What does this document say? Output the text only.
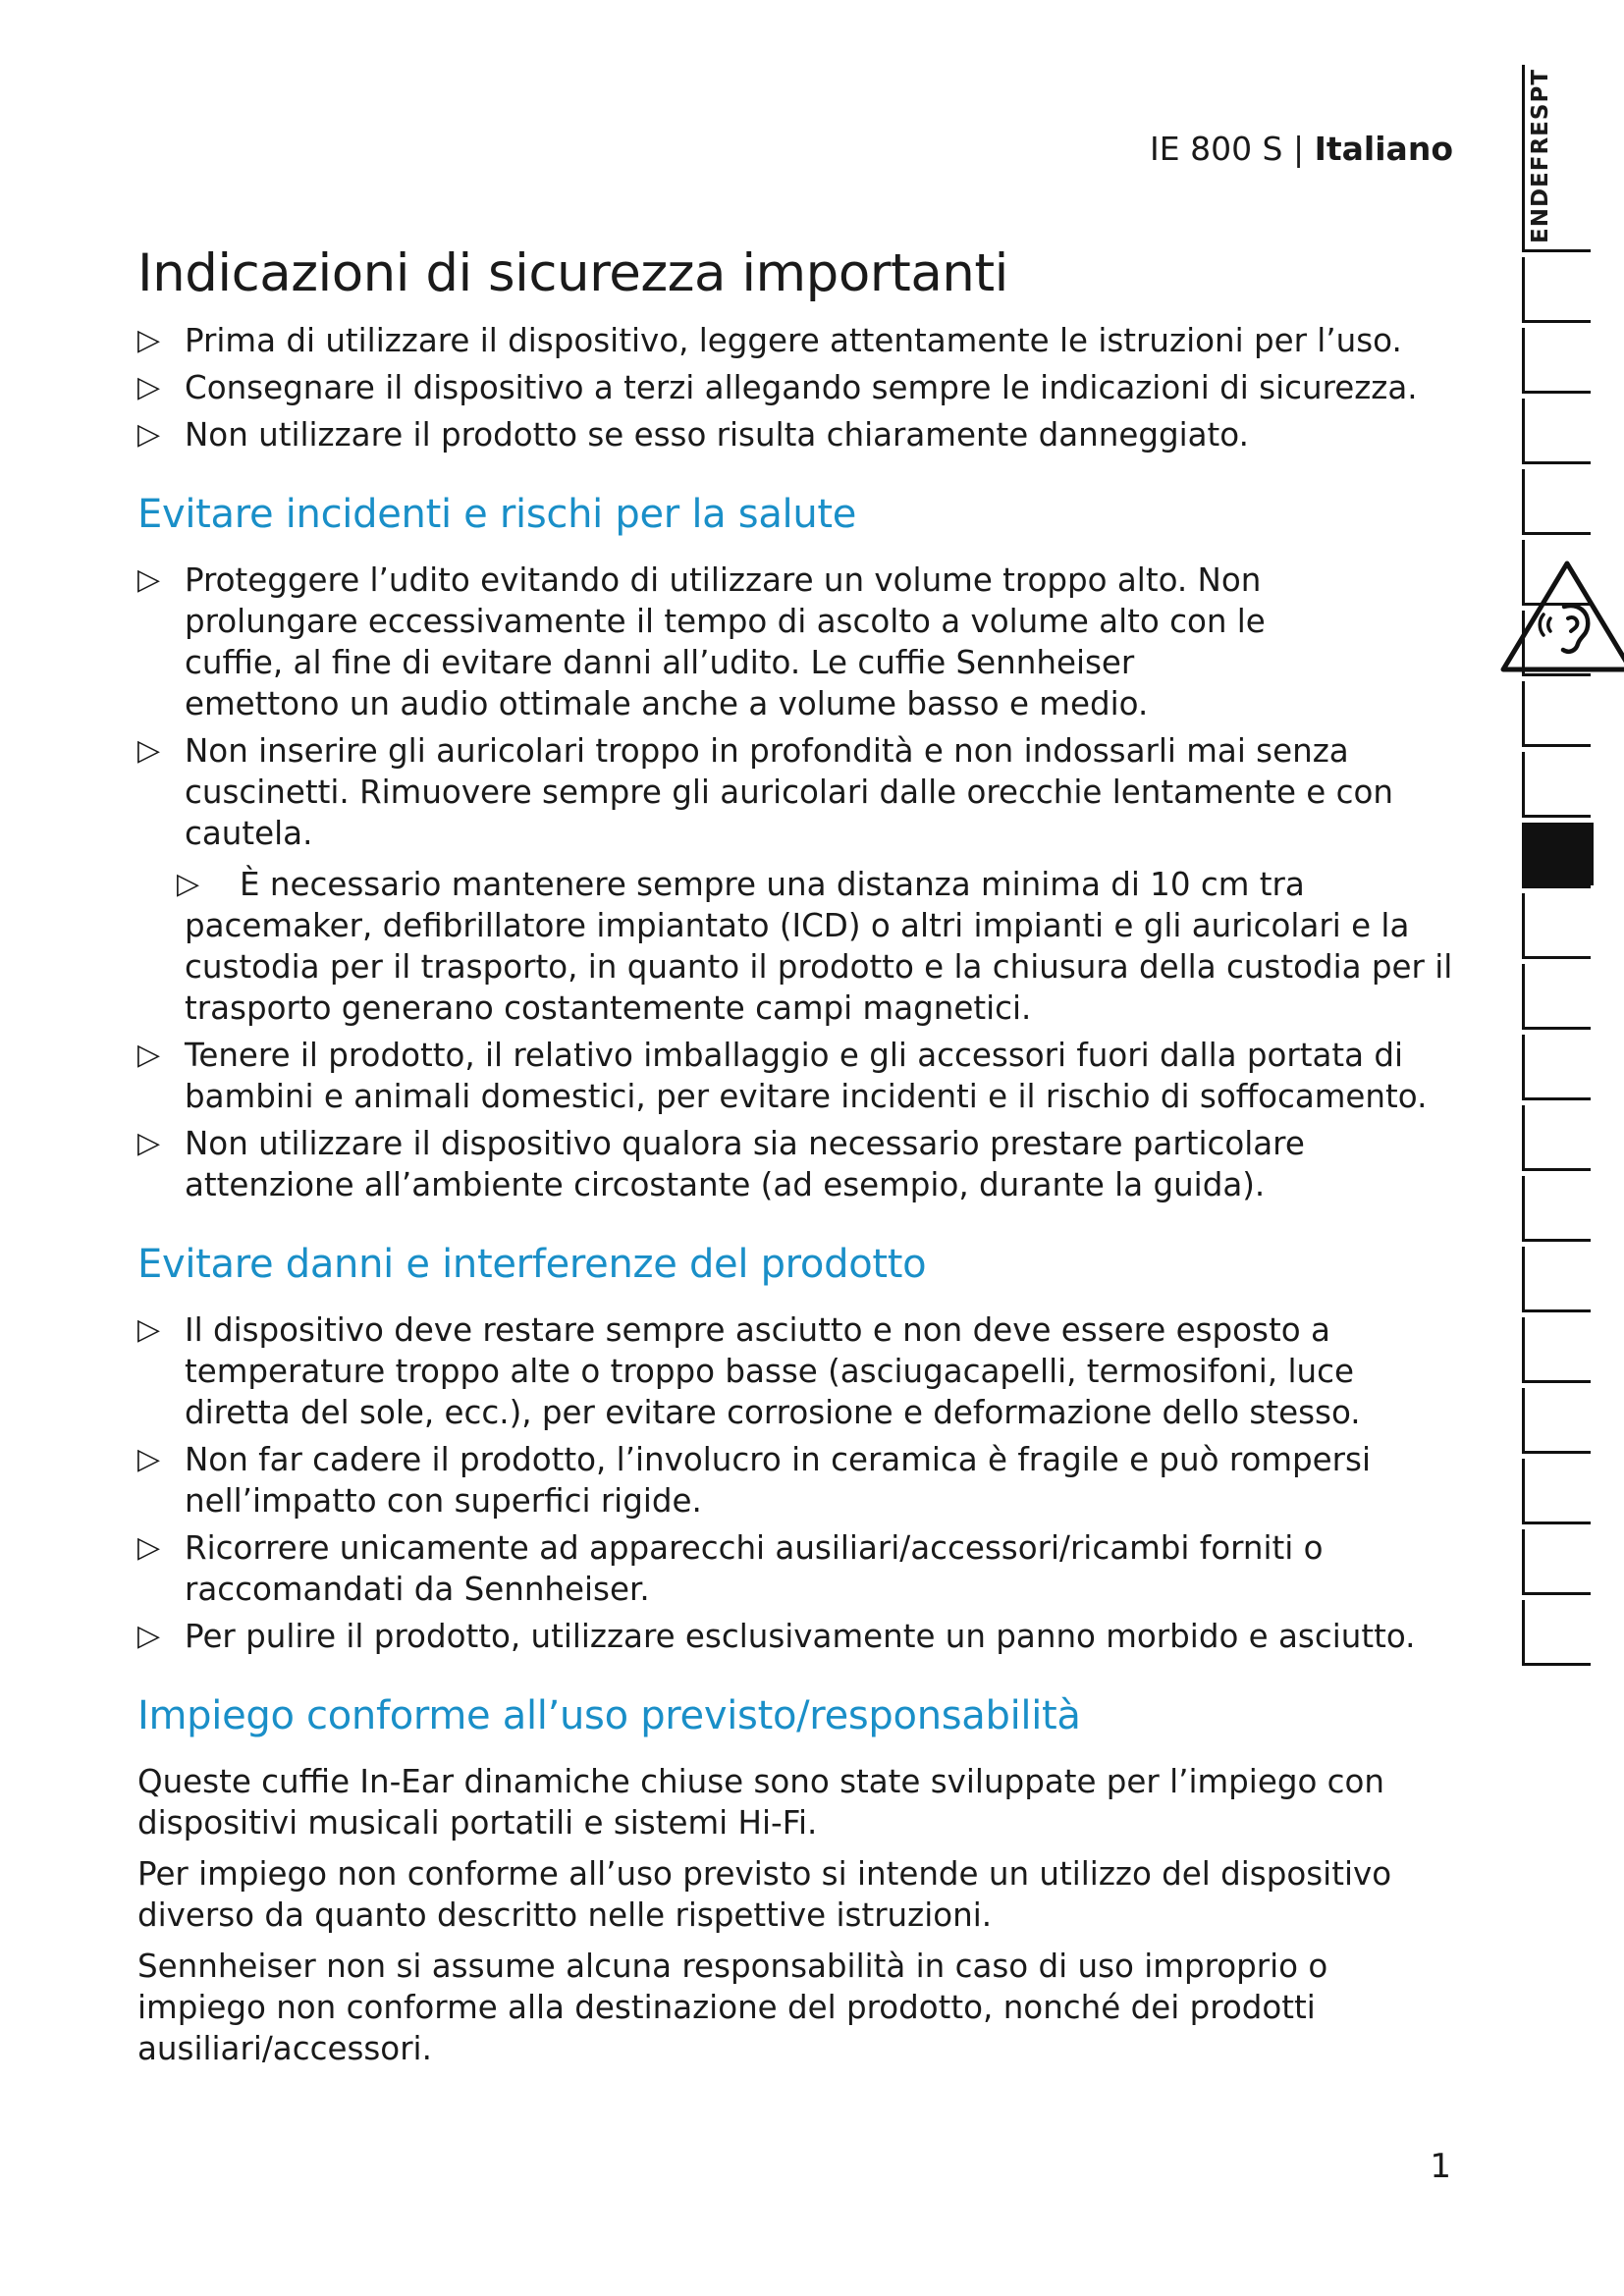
IE 800 S | Italiano
Indicazioni di sicurezza importanti
▷ Prima di utilizzare il dispositivo, leggere attentamente le istruzioni per l’uso.
▷ Consegnare il dispositivo a terzi allegando sempre le indicazioni di sicurezza.
▷ Non utilizzare il prodotto se esso risulta chiaramente danneggiato.
Evitare incidenti e rischi per la salute
▷ Proteggere l’udito evitando di utilizzare un volume troppo alto. Non prolungare eccessivamente il tempo di ascolto a volume alto con le cuffie, al fine di evitare danni all’udito. Le cuffie Sennheiser emettono un audio ottimale anche a volume basso e medio.
▷ Non inserire gli auricolari troppo in profondità e non indossarli mai senza cuscinetti. Rimuovere sempre gli auricolari dalle orecchie lentamente e con cautela.
▷	È necessario mantenere sempre una distanza minima di 10 cm tra pacemaker, defibrillatore impiantato (ICD) o altri impianti e gli auricolari e la custodia per il trasporto, in quanto il prodotto e la chiusura della custodia per il trasporto generano costantemente campi magnetici.
▷ Tenere il prodotto, il relativo imballaggio e gli accessori fuori dalla portata di bambini e animali domestici, per evitare incidenti e il rischio di soffocamento.
▷ Non utilizzare il dispositivo qualora sia necessario prestare particolare attenzione all’ambiente circostante (ad esempio, durante la guida).
Evitare danni e interferenze del prodotto
▷ Il dispositivo deve restare sempre asciutto e non deve essere esposto a temperature troppo alte o troppo basse (asciugacapelli, termosifoni, luce diretta del sole, ecc.), per evitare corrosione e deformazione dello stesso.
▷ Non far cadere il prodotto, l’involucro in ceramica è fragile e può rompersi nell’impatto con superfici rigide.
▷ Ricorrere unicamente ad apparecchi ausiliari/accessori/ricambi forniti o raccomandati da Sennheiser.
▷ Per pulire il prodotto, utilizzare esclusivamente un panno morbido e asciutto.
Impiego conforme all’uso previsto/responsabilità

Queste cuffie In-Ear dinamiche chiuse sono state sviluppate per l’impiego con dispositivi musicali portatili e sistemi Hi-Fi.

Per impiego non conforme all’uso previsto si intende un utilizzo del dispositivo diverso da quanto descritto nelle rispettive istruzioni.

Sennheiser non si assume alcuna responsabilità in caso di uso improprio o impiego non conforme alla destinazione del prodotto, nonché dei prodotti ausiliari/accessori.

1
ENDEFRESPT
